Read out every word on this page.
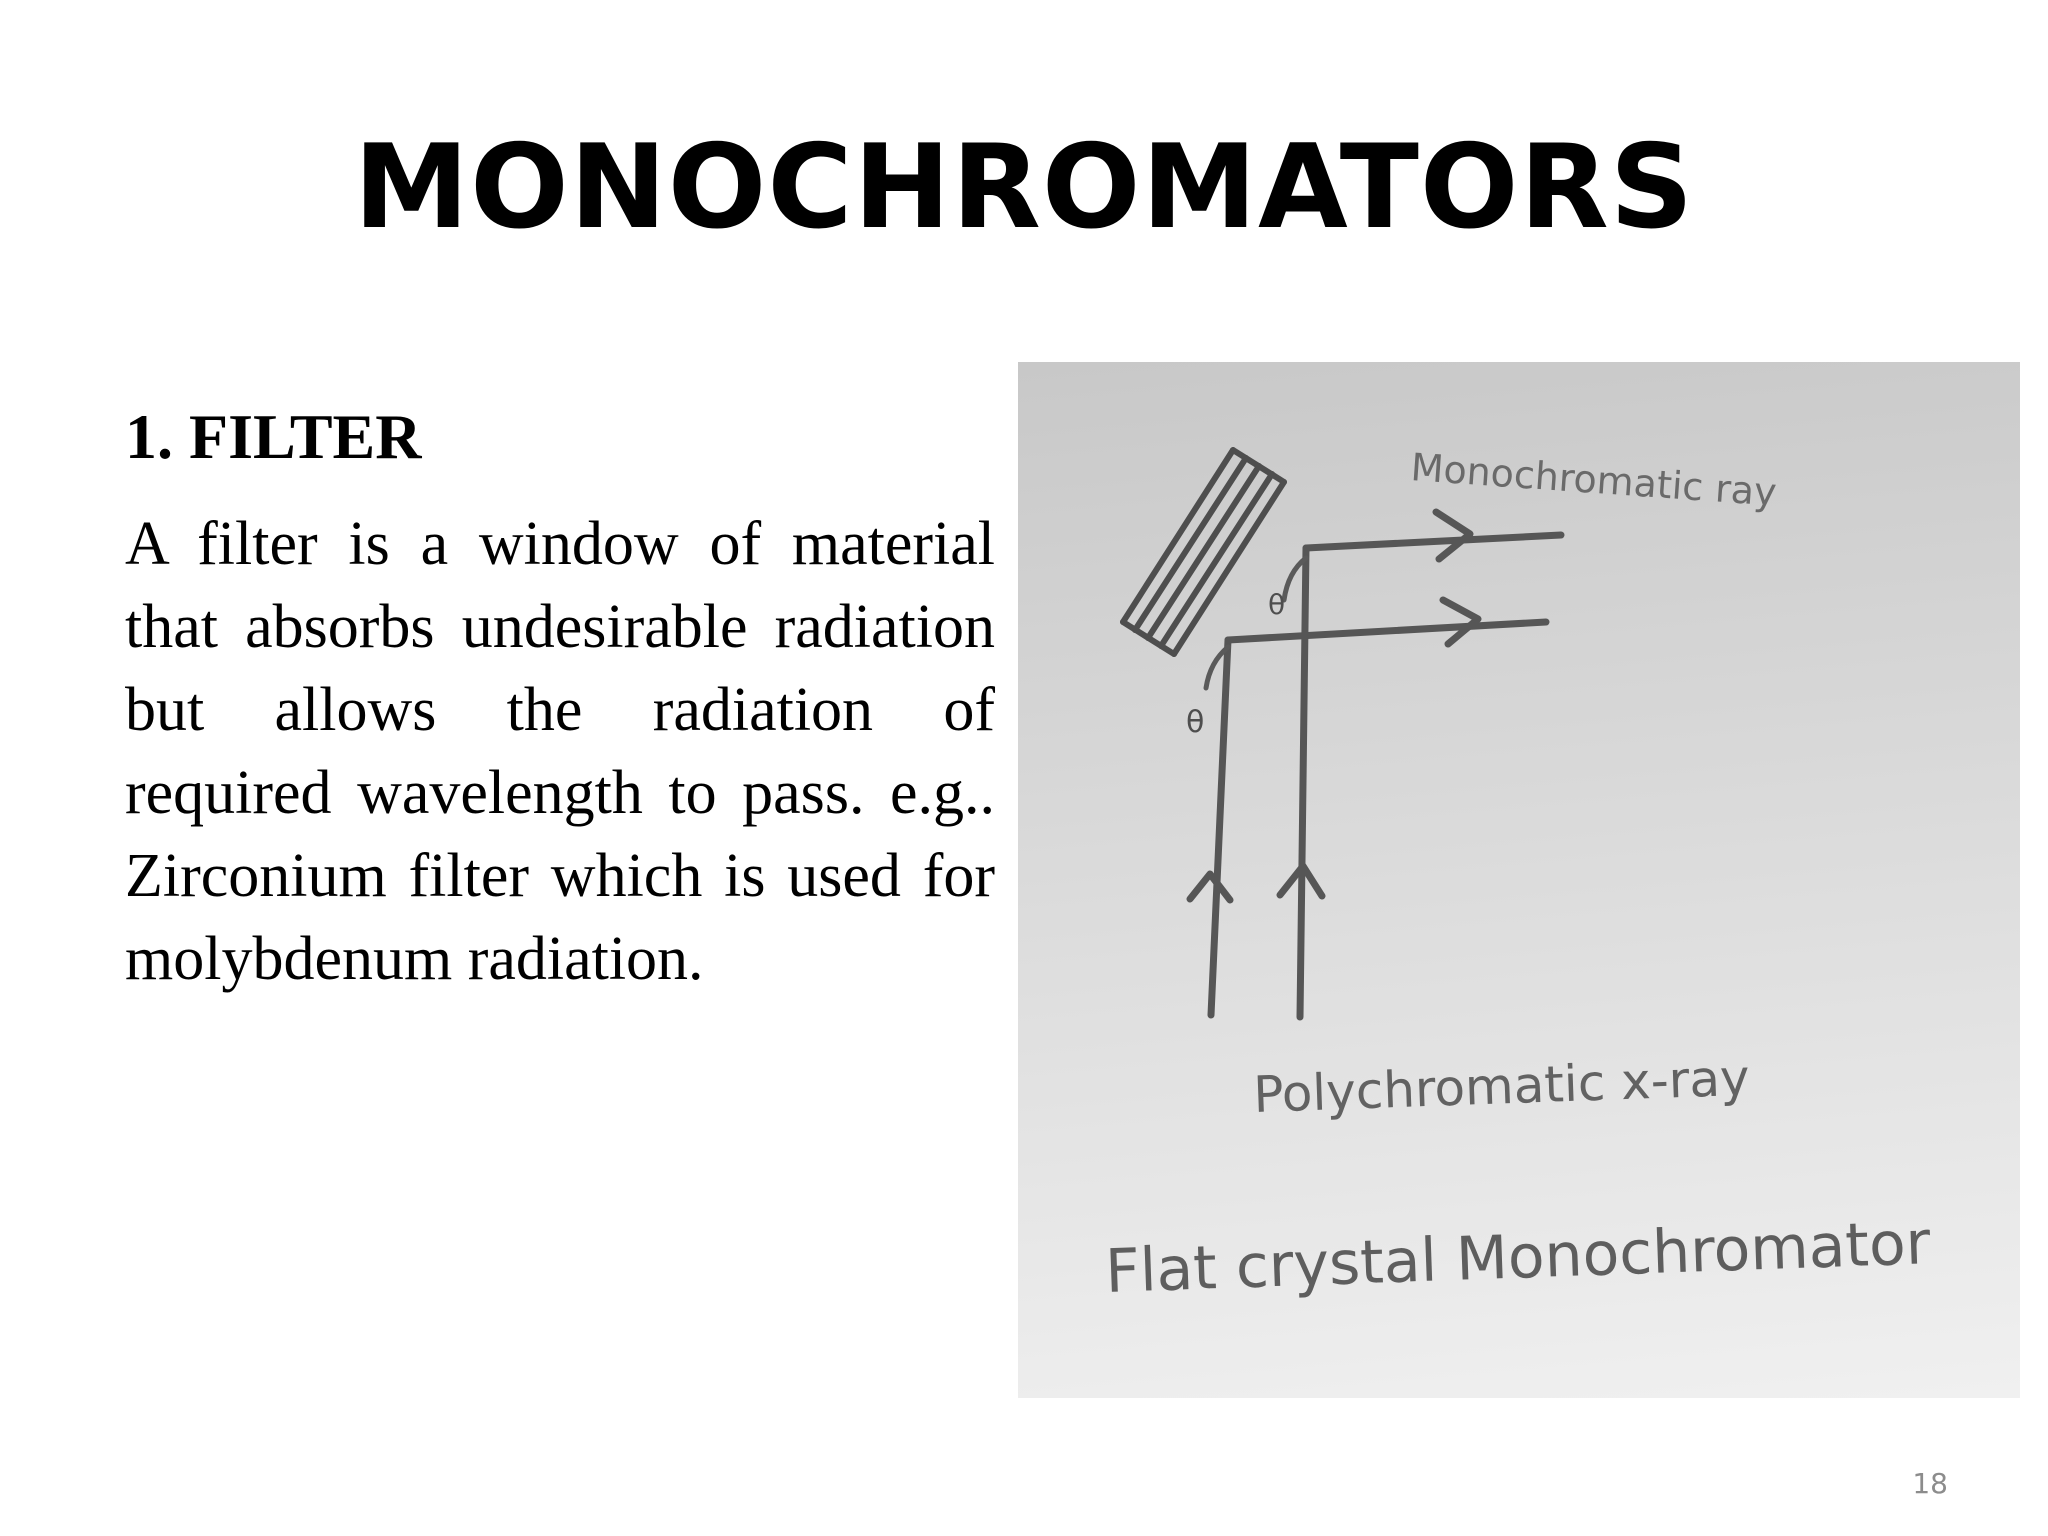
MONOCHROMATORS

1. FILTER

A filter is a window of material that absorbs undesirable radiation but allows the radiation of required wavelength to pass. e.g.. Zirconium filter which is used for molybdenum radiation.

θ
θ
Monochromatic ray
Polychromatic x-ray
Flat crystal Monochromator
18
